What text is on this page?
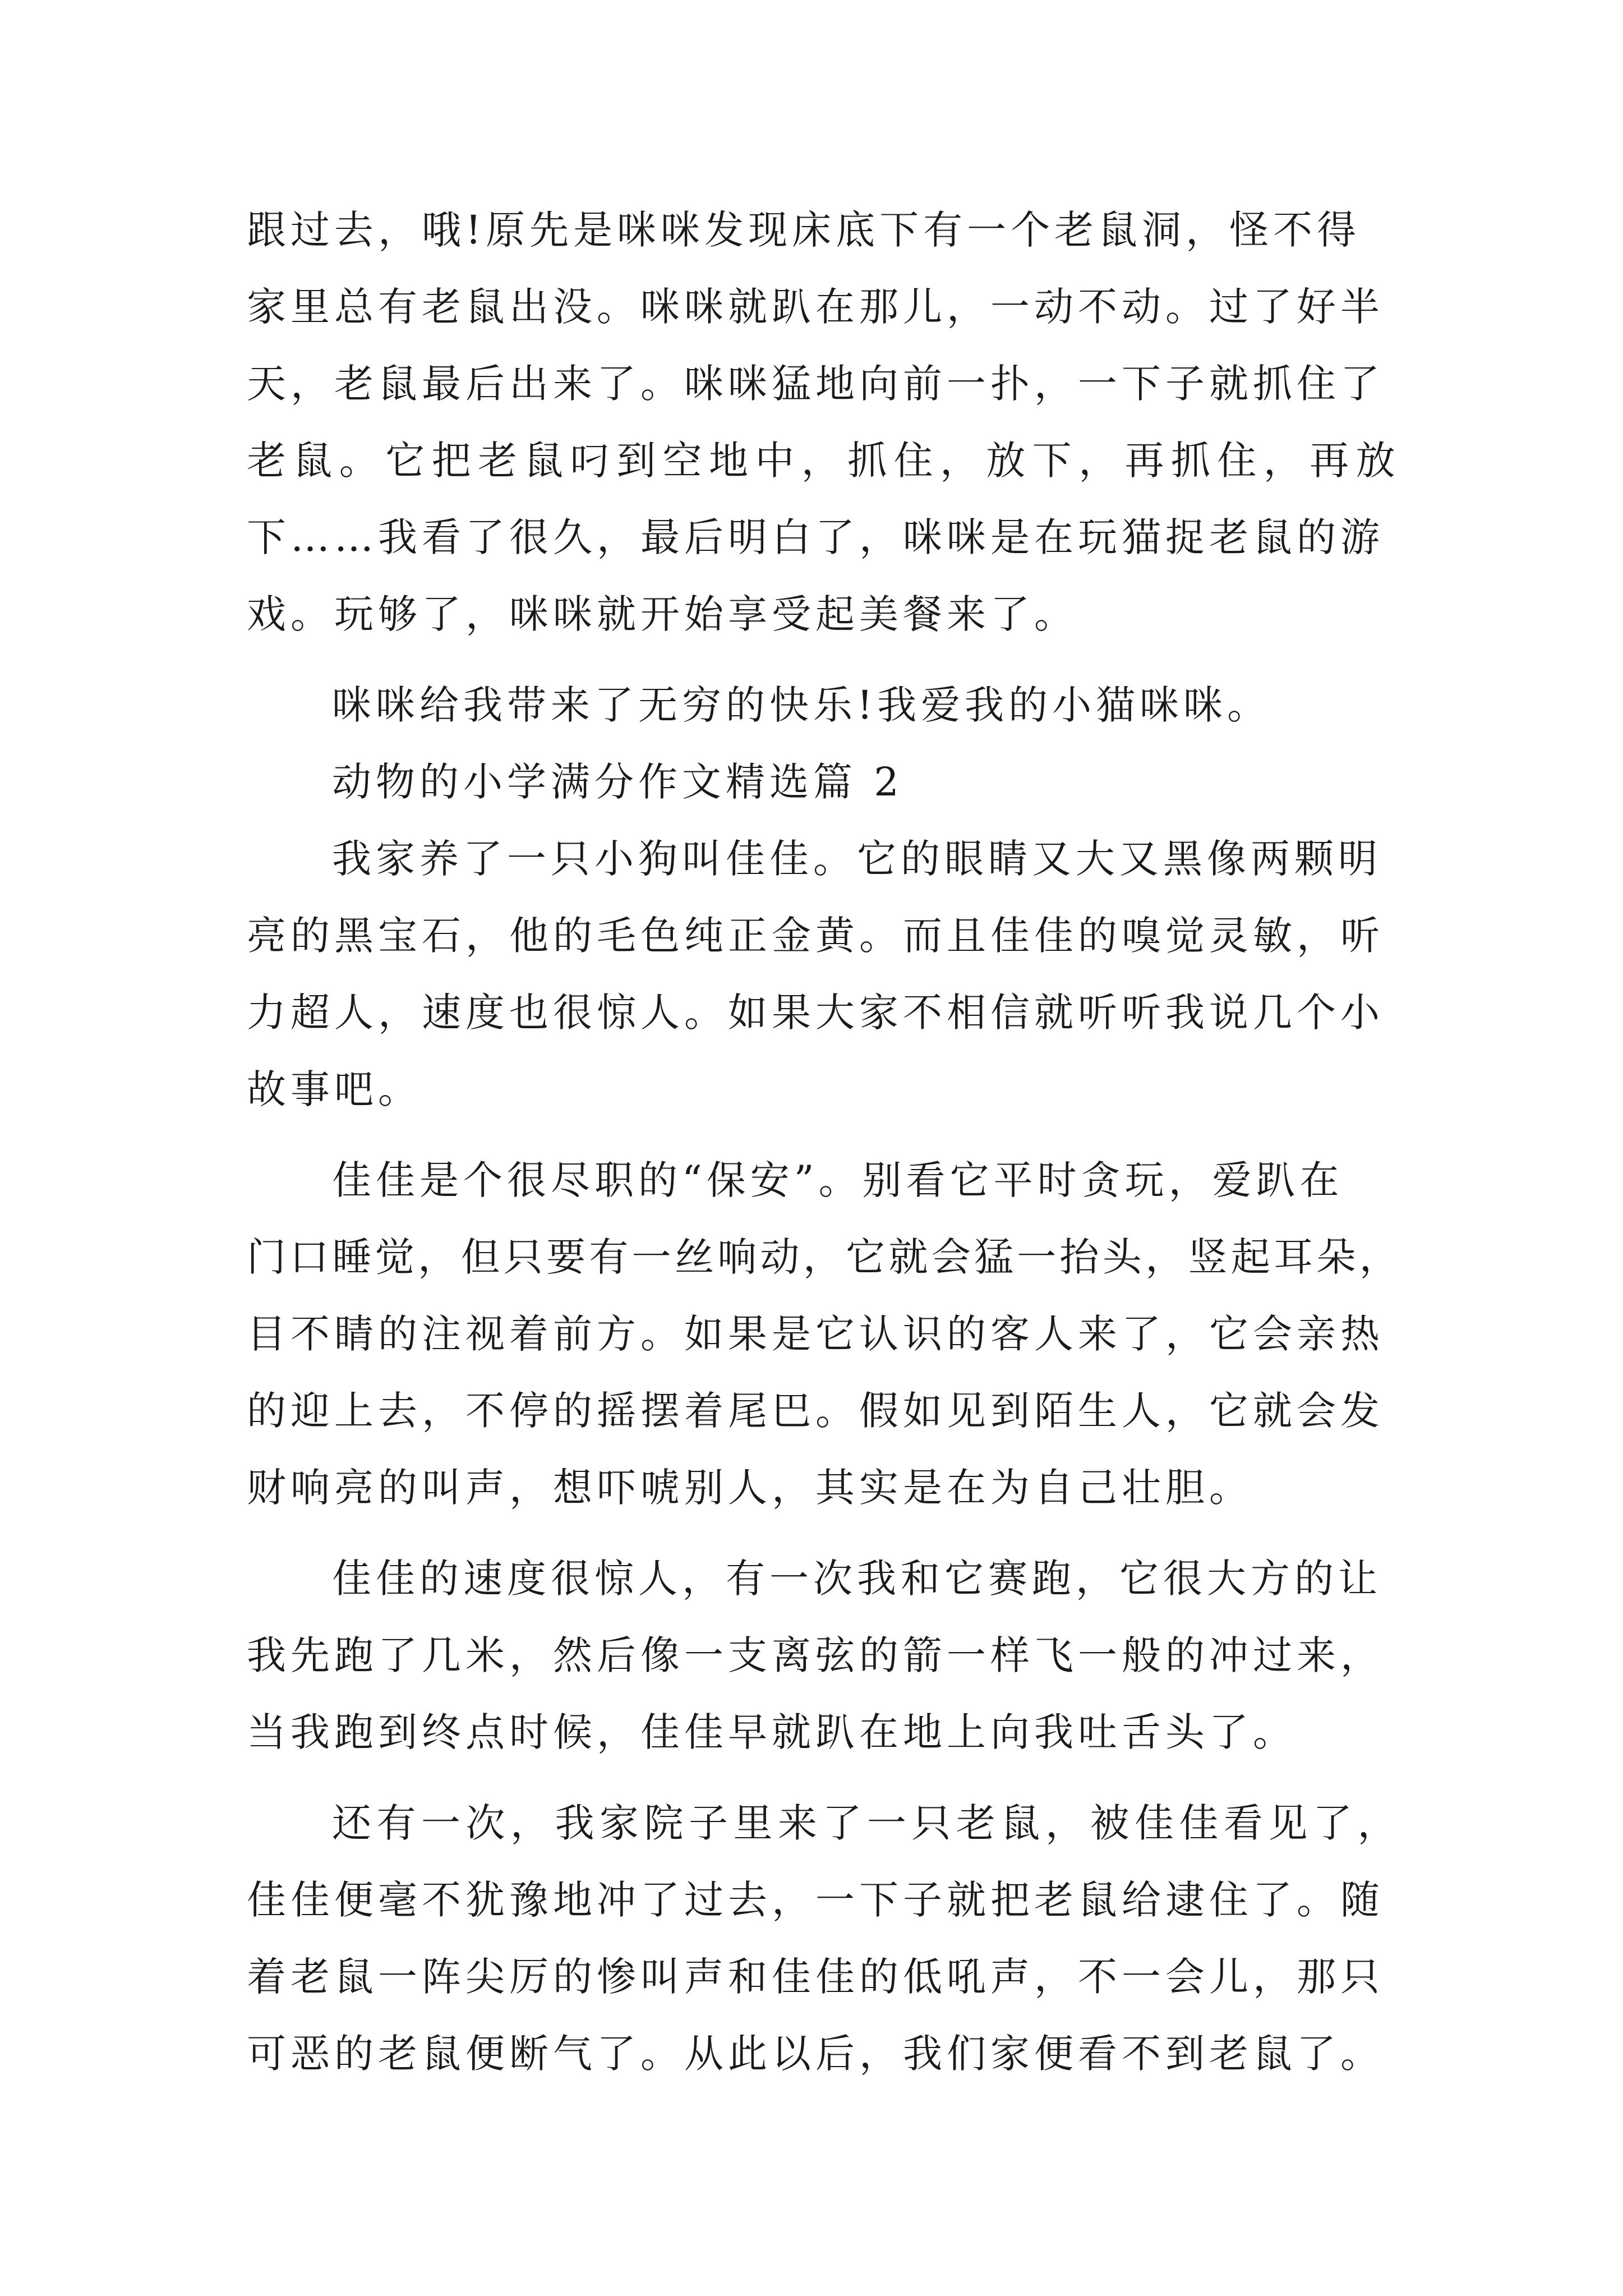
跟过去，哦!原先是咪咪发现床底下有一个老鼠洞，怪不得
家里总有老鼠出没。咪咪就趴在那儿，一动不动。过了好半
天，老鼠最后出来了。咪咪猛地向前一扑，一下子就抓住了
老鼠。它把老鼠叼到空地中，抓住，放下，再抓住，再放
下……我看了很久，最后明白了，咪咪是在玩猫捉老鼠的游
戏。玩够了，咪咪就开始享受起美餐来了。
咪咪给我带来了无穷的快乐!我爱我的小猫咪咪。
动物的小学满分作文精选篇 2
我家养了一只小狗叫佳佳。它的眼睛又大又黑像两颗明
亮的黑宝石，他的毛色纯正金黄。而且佳佳的嗅觉灵敏，听
力超人，速度也很惊人。如果大家不相信就听听我说几个小
故事吧。
佳佳是个很尽职的“保安”。别看它平时贪玩，爱趴在
门口睡觉，但只要有一丝响动，它就会猛一抬头，竖起耳朵，
目不睛的注视着前方。如果是它认识的客人来了，它会亲热
的迎上去，不停的摇摆着尾巴。假如见到陌生人，它就会发
财响亮的叫声，想吓唬别人，其实是在为自己壮胆。
佳佳的速度很惊人，有一次我和它赛跑，它很大方的让
我先跑了几米，然后像一支离弦的箭一样飞一般的冲过来，
当我跑到终点时候，佳佳早就趴在地上向我吐舌头了。
还有一次，我家院子里来了一只老鼠，被佳佳看见了，
佳佳便毫不犹豫地冲了过去，一下子就把老鼠给逮住了。随
着老鼠一阵尖厉的惨叫声和佳佳的低吼声，不一会儿，那只
可恶的老鼠便断气了。从此以后，我们家便看不到老鼠了。
